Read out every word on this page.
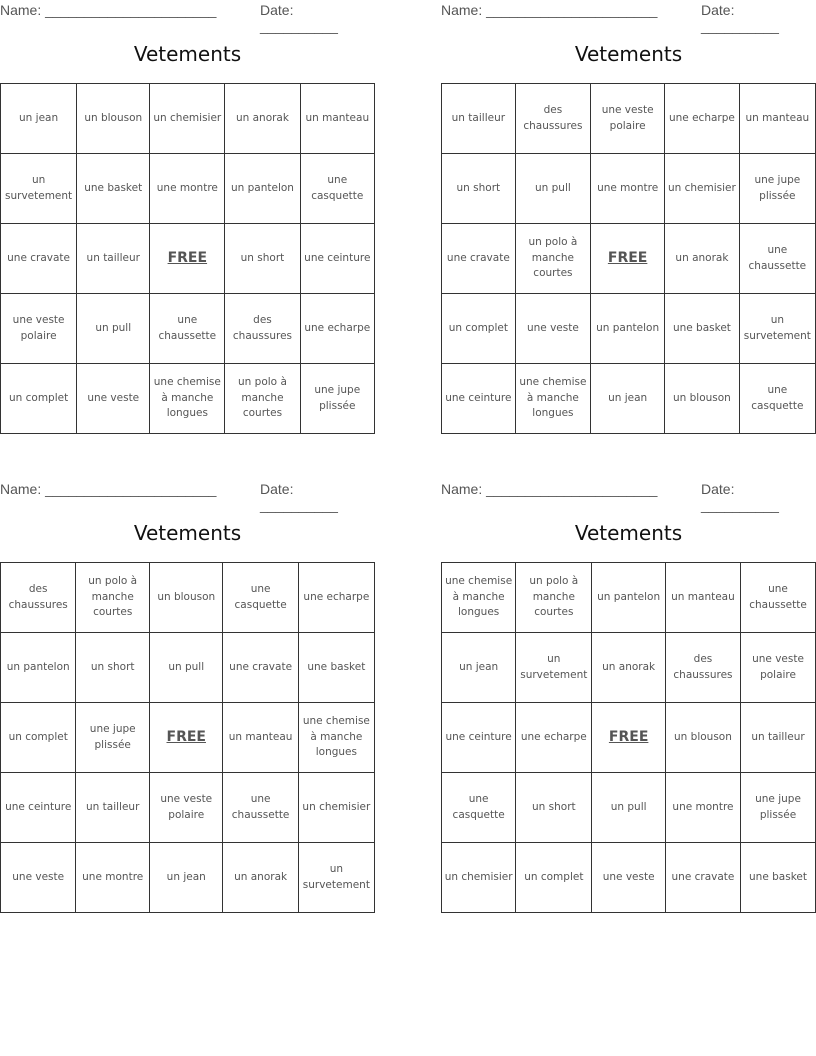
Name: ______________________	Date: __________
Vetements
un jean	un blouson	un chemisier	un anorak	un manteau
un survetement	une basket	une montre	un pantelon	une casquette
une cravate	un tailleur	FREE	un short	une ceinture
une veste polaire	un pull	une chaussette	des chaussures	une echarpe
un complet	une veste	une chemise à manche longues	un polo à manche courtes	une jupe plissée
Name: ______________________	Date: __________
Vetements
un tailleur	des chaussures	une veste polaire	une echarpe	un manteau
un short	un pull	une montre	un chemisier	une jupe plissée
une cravate	un polo à manche courtes	FREE	un anorak	une chaussette
un complet	une veste	un pantelon	une basket	un survetement
une ceinture	une chemise à manche longues	un jean	un blouson	une casquette
Name: ______________________	Date: __________
Vetements
des chaussures	un polo à manche courtes	un blouson	une casquette	une echarpe
un pantelon	un short	un pull	une cravate	une basket
un complet	une jupe plissée	FREE	un manteau	une chemise à manche longues
une ceinture	un tailleur	une veste polaire	une chaussette	un chemisier
une veste	une montre	un jean	un anorak	un survetement
Name: ______________________	Date: __________
Vetements
une chemise à manche longues	un polo à manche courtes	un pantelon	un manteau	une chaussette
un jean	un survetement	un anorak	des chaussures	une veste polaire
une ceinture	une echarpe	FREE	un blouson	un tailleur
une casquette	un short	un pull	une montre	une jupe plissée
un chemisier	un complet	une veste	une cravate	une basket
